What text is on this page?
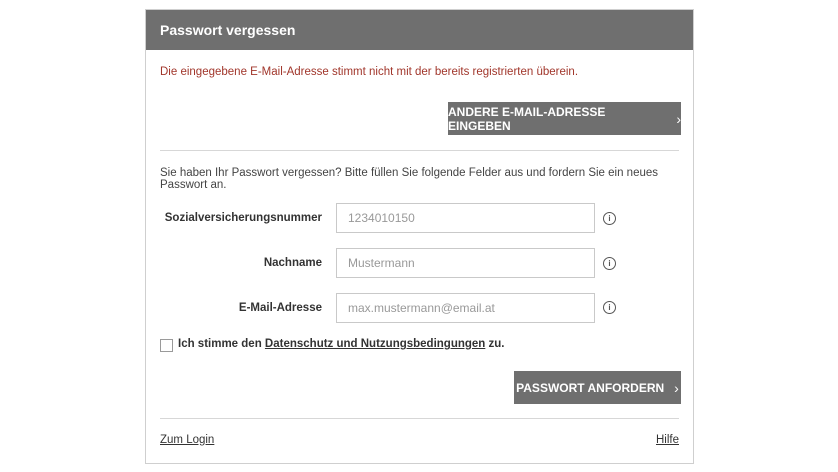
Passwort vergessen
Die eingegebene E-Mail-Adresse stimmt nicht mit der bereits registrierten überein.
ANDERE E-MAIL-ADRESSE EINGEBEN	›
Sie haben Ihr Passwort vergessen? Bitte füllen Sie folgende Felder aus und fordern Sie ein neues Passwort an.
Sozialversicherungsnummer
1234010150	i
Nachname
Mustermann	i
E-Mail-Adresse
max.mustermann@email.at	i
Ich stimme den Datenschutz und Nutzungsbedingungen zu.
PASSWORT ANFORDERN ›
Zum Login	Hilfe
